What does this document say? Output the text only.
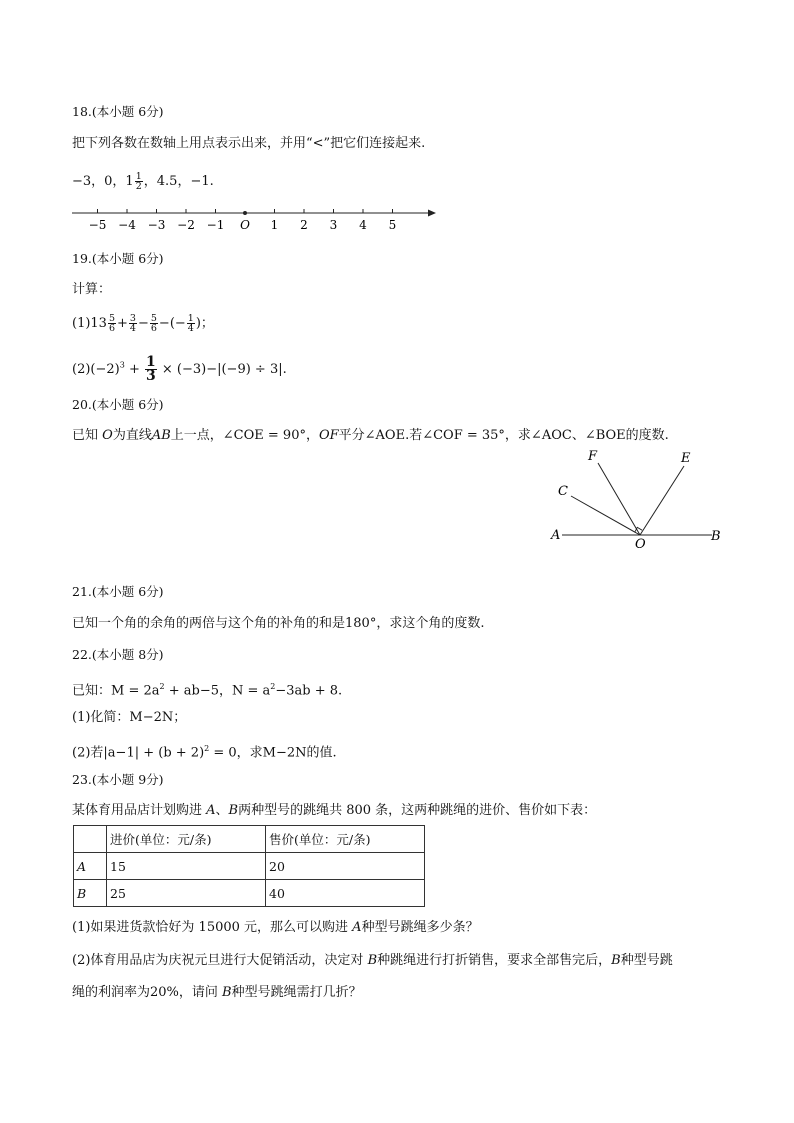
18.(本小题 6分)
把下列各数在数轴上用点表示出来，并用“<”把它们连接起来.
−3，0，$1 \frac{1}{2}$ ，4.5，−1.
−5 −4 −3 −2 −1 O 1 2 3 4 5
19.(本小题 6分)
计算：
$(1)13 \frac{5}{6} + \frac{3}{4} - \frac{5}{6}$ −(− $\frac{1}{4}$ )；
$(2)(-2)^3 + \frac{1}{3} \times (-3)-|(-9) \div 3|$.
20.(本小题 6分)
已知 O为直线AB上一点，∠COE = 90°，OF平分∠AOE.若∠COF = 35°，求∠AOC、∠BOE的度数.
F	E
C
A
O
B
21.(本小题 6分)
已知一个角的余角的两倍与这个角的补角的和是180°，求这个角的度数.
22.(本小题 8分)
已知：$M = 2a^2 + ab-5$，$N = a^2-3ab + 8$.
(1)化简：M−2N；
(2)若$|a-1| + (b + 2)^2 = 0$，求M−2N的值.
23.(本小题 9分)
某体育用品店计划购进 A、B两种型号的跳绳共 800 条，这两种跳绳的进价、售价如下表：
	进价(单位：元/条)	售价(单位：元/条)
A	15	20
B	25	40
(1)如果进货款恰好为 15000 元，那么可以购进 A种型号跳绳多少条？
(2)体育用品店为庆祝元旦进行大促销活动，决定对 B种跳绳进行打折销售，要求全部售完后，B种型号跳
绳的利润率为20%，请问 B种型号跳绳需打几折？
